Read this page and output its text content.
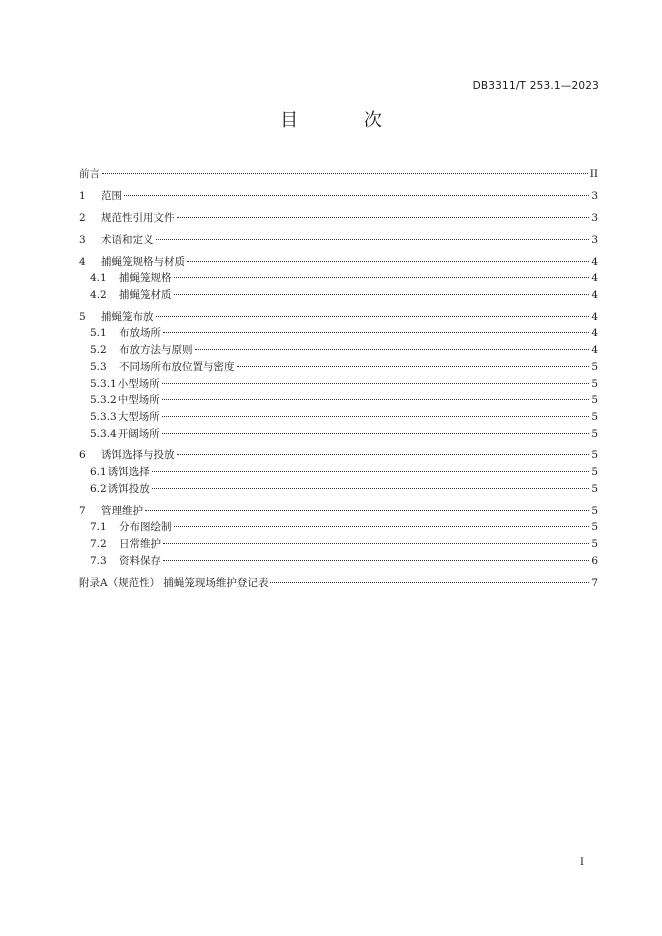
DB3311/T 253.1—2023
目 次
前言	II
1	范围	3
2	规范性引用文件	3
3	术语和定义	3
4	捕蝇笼规格与材质	4
4.1	捕蝇笼规格	4
4.2	捕蝇笼材质	4
5	捕蝇笼布放	4
5.1	布放场所	4
5.2	布放方法与原则	4
5.3	不同场所布放位置与密度	5
5.3.1 小型场所	5
5.3.2 中型场所	5
5.3.3 大型场所	5
5.3.4 开阔场所	5
6	诱饵选择与投放	5
6.1 诱饵选择	5
6.2 诱饵投放	5
7	管理维护	5
7.1	分布图绘制	5
7.2	日常维护	5
7.3	资料保存	6
附录A（规范性） 捕蝇笼现场维护登记表	7
I
